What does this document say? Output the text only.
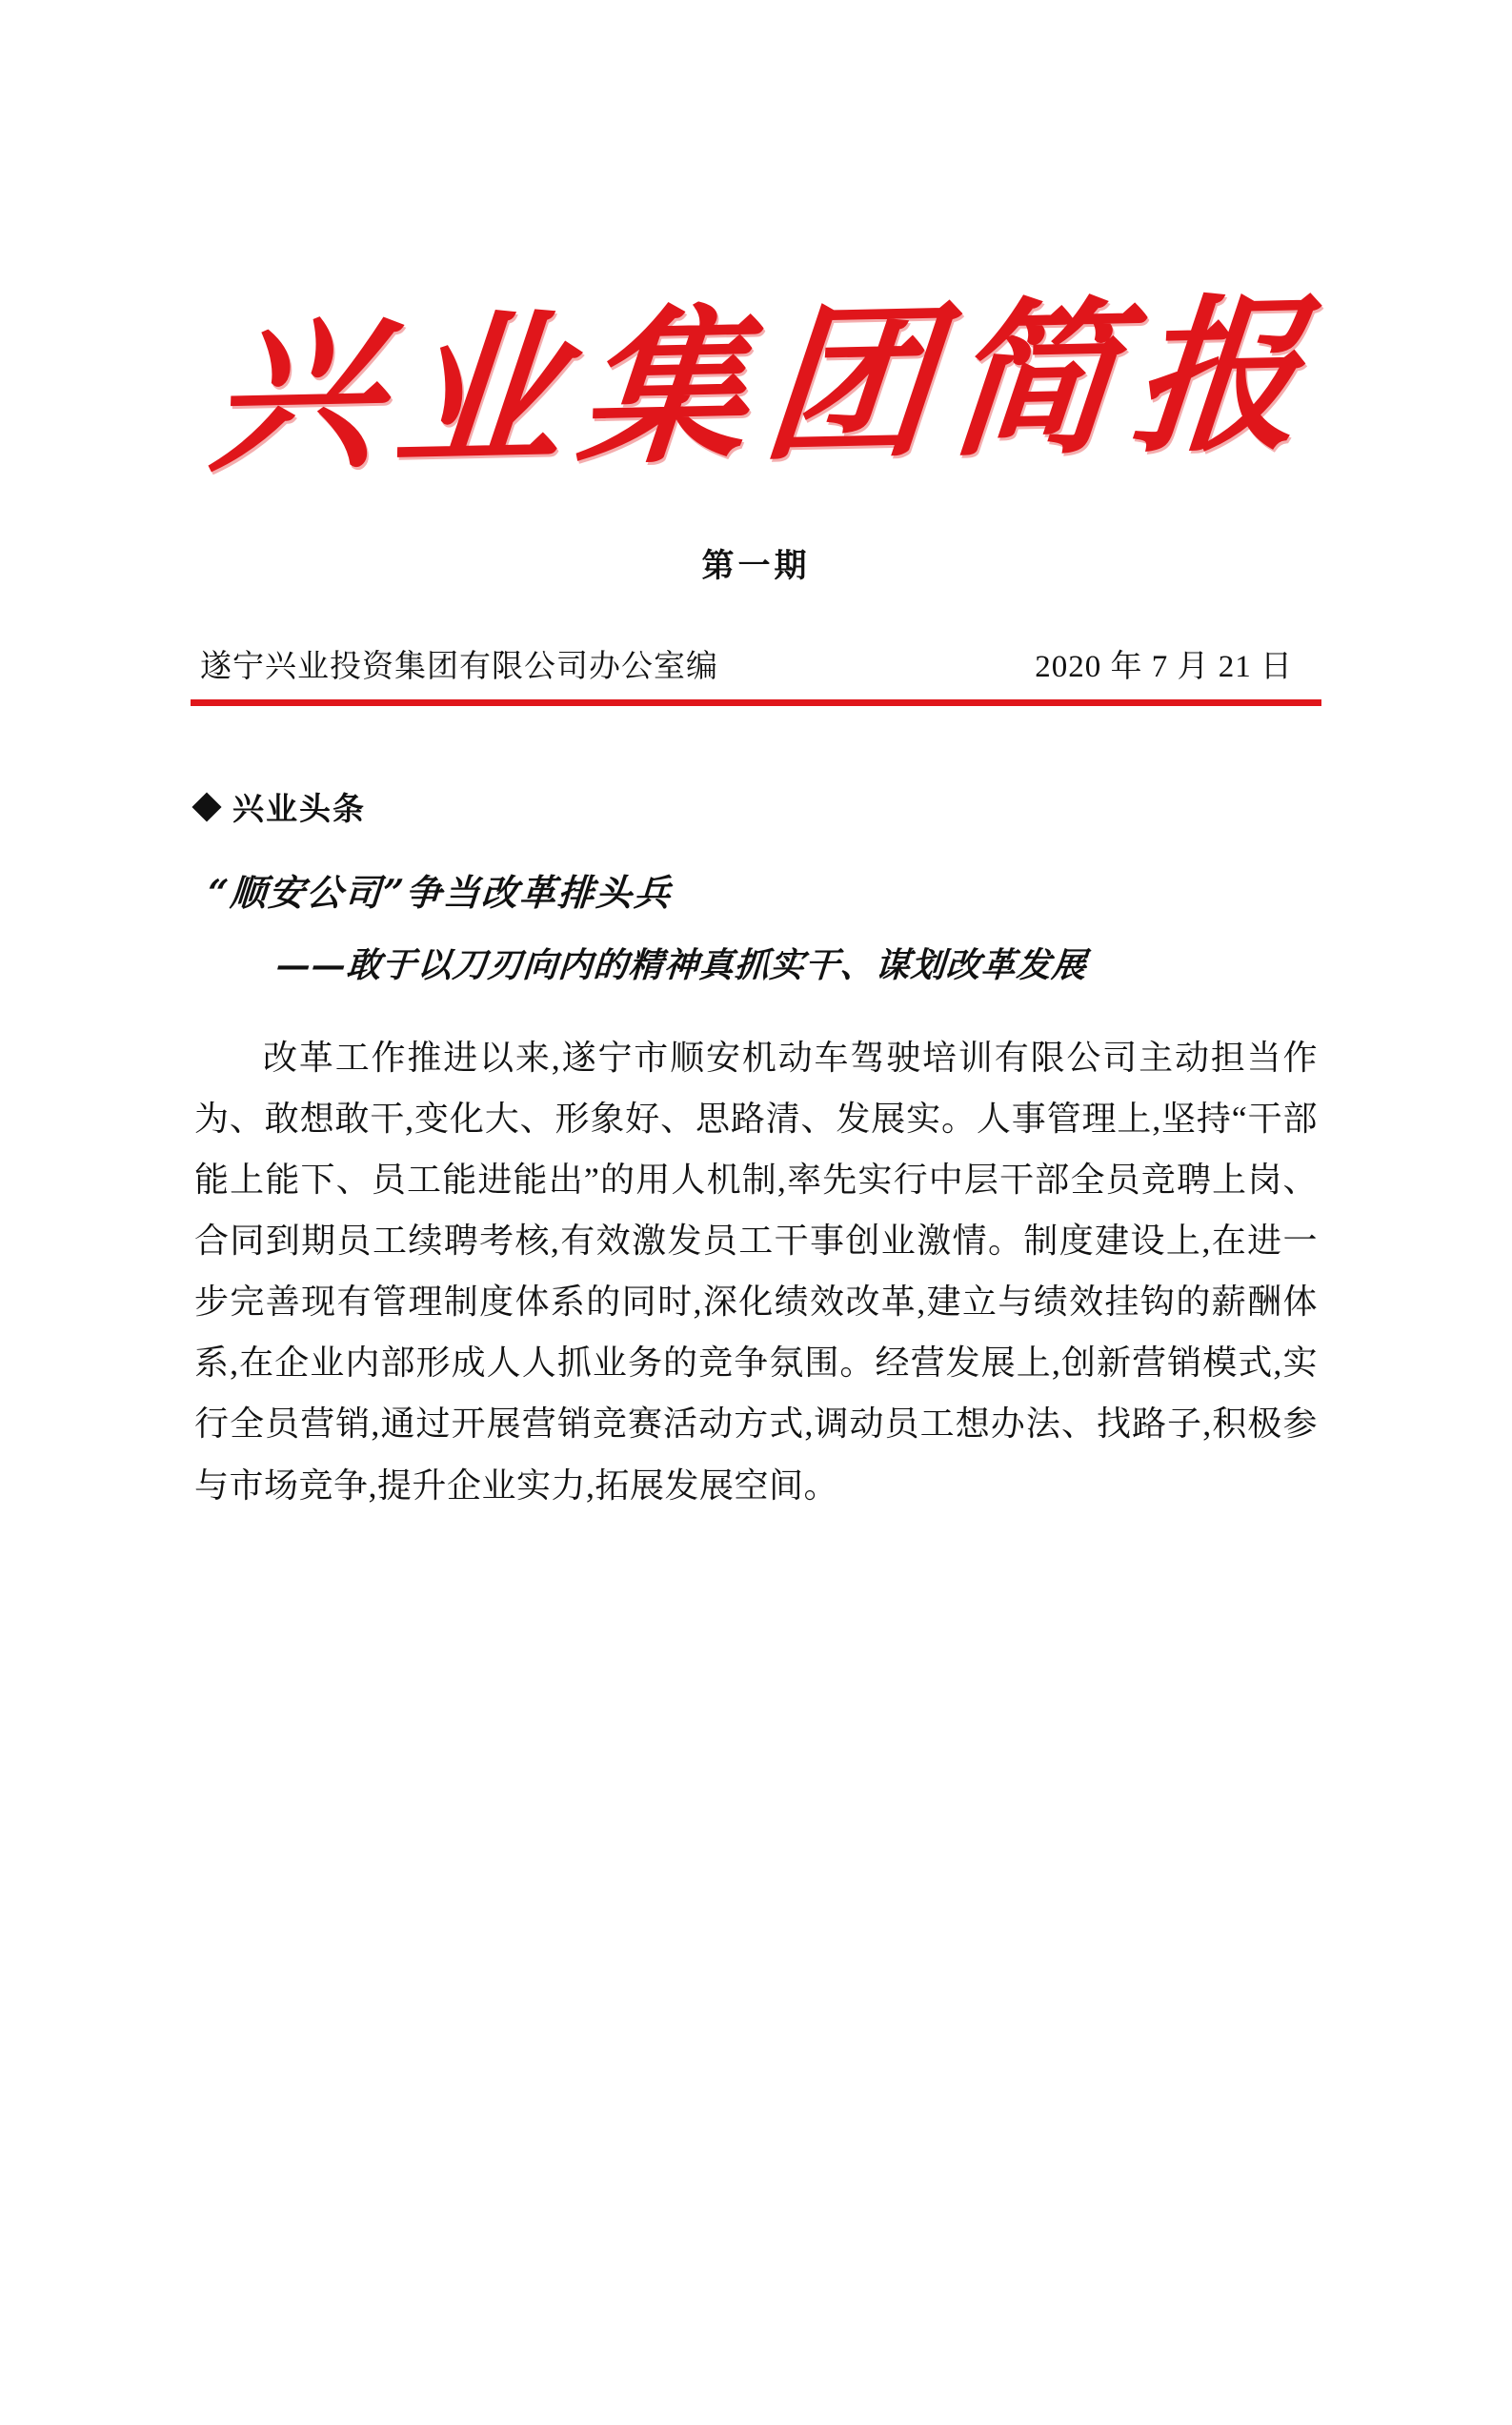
兴业集团简报
第一期
遂宁兴业投资集团有限公司办公室编	2020 年 7 月 21 日
兴业头条
“顺安公司”争当改革排头兵
——敢于以刀刃向内的精神真抓实干、谋划改革发展
改革工作推进以来,遂宁市顺安机动车驾驶培训有限公司主动担当作为、敢想敢干,变化大、形象好、思路清、发展实。人事管理上,坚持“干部能上能下、员工能进能出”的用人机制,率先实行中层干部全员竞聘上岗、合同到期员工续聘考核,有效激发员工干事创业激情。制度建设上,在进一步完善现有管理制度体系的同时,深化绩效改革,建立与绩效挂钩的薪酬体系,在企业内部形成人人抓业务的竞争氛围。经营发展上,创新营销模式,实行全员营销,通过开展营销竞赛活动方式,调动员工想办法、找路子,积极参与市场竞争,提升企业实力,拓展发展空间。
